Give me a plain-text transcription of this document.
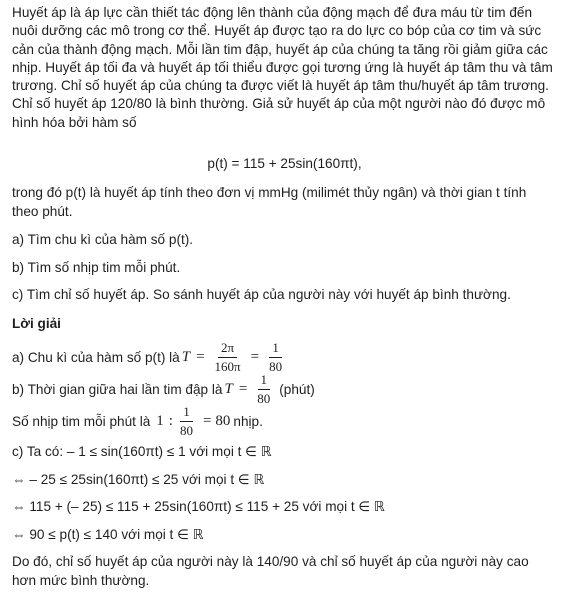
Huyết áp là áp lực cần thiết tác động lên thành của động mạch để đưa máu từ tim đến
nuôi dưỡng các mô trong cơ thể. Huyết áp được tạo ra do lực co bóp của cơ tim và sức
cản của thành động mạch. Mỗi lần tim đập, huyết áp của chúng ta tăng rồi giảm giữa các
nhịp. Huyết áp tối đa và huyết áp tối thiểu được gọi tương ứng là huyết áp tâm thu và tâm
trương. Chỉ số huyết áp của chúng ta được viết là huyết áp tâm thu/huyết áp tâm trương.
Chỉ số huyết áp 120/80 là bình thường. Giả sử huyết áp của một người nào đó được mô
hình hóa bởi hàm số
p(t) = 115 + 25sin(160πt),
trong đó p(t) là huyết áp tính theo đơn vị mmHg (milimét thủy ngân) và thời gian t tính
theo phút.
a) Tìm chu kì của hàm số p(t).
b) Tìm số nhịp tim mỗi phút.
c) Tìm chỉ số huyết áp. So sánh huyết áp của người này với huyết áp bình thường.
Lời giải
a) Chu kì của hàm số p(t) là $T = \frac{2\pi}{160\pi} = \frac{1}{80}$
b) Thời gian giữa hai lần tim đập là $T = \frac{1}{80}$ (phút)
Số nhịp tim mỗi phút là 1 : $\frac{1}{80} = 80$ nhịp.
c) Ta có: – 1 ≤ sin(160πt) ≤ 1 với mọi t ∈ ℝ
⇔ – 25 ≤ 25sin(160πt) ≤ 25 với mọi t ∈ ℝ
⇔ 115 + (– 25) ≤ 115 + 25sin(160πt) ≤ 115 + 25 với mọi t ∈ ℝ
⇔ 90 ≤ p(t) ≤ 140 với mọi t ∈ ℝ
Do đó, chỉ số huyết áp của người này là 140/90 và chỉ số huyết áp của người này cao
hơn mức bình thường.
